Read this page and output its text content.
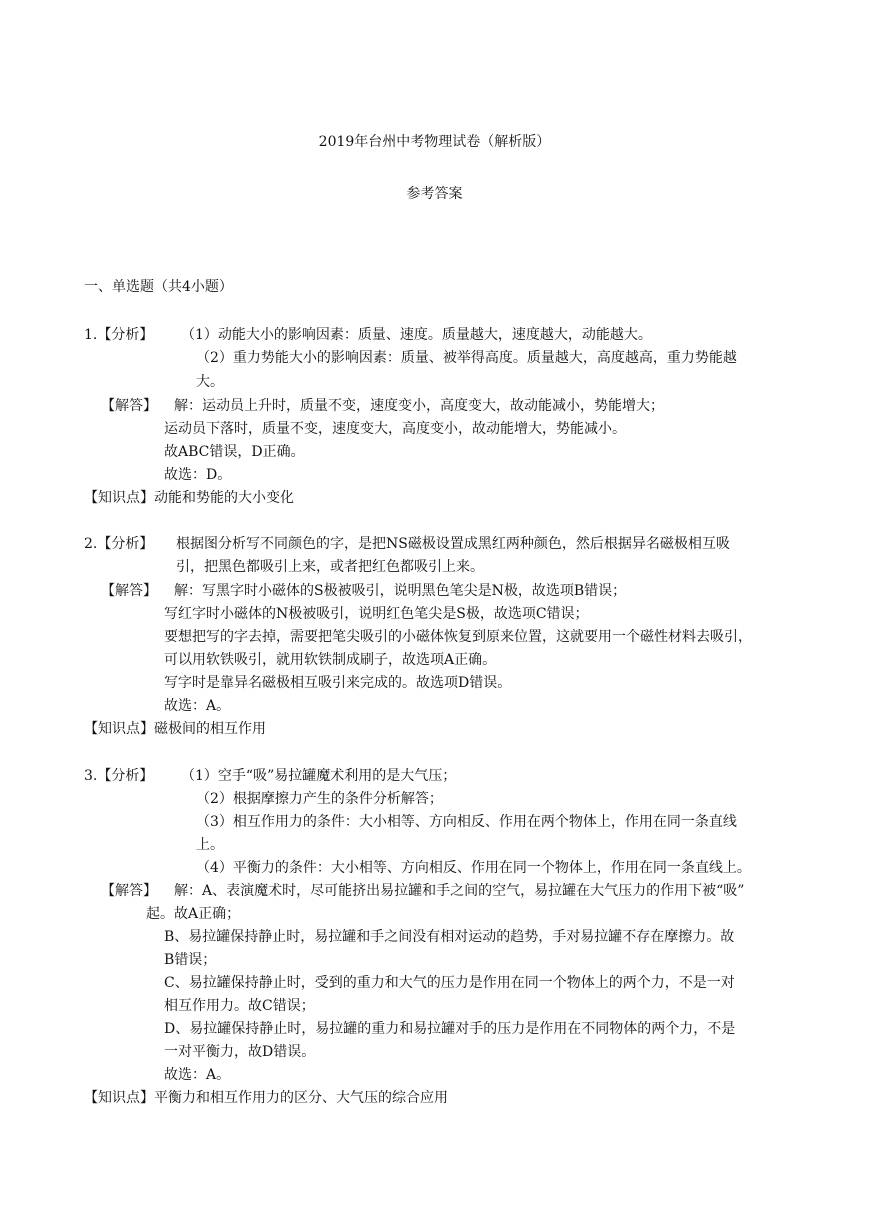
2019年台州中考物理试卷（解析版）
参考答案
一、单选题（共4小题）
1.【分析】 （1）动能大小的影响因素：质量、速度。质量越大，速度越大，动能越大。
（2）重力势能大小的影响因素：质量、被举得高度。质量越大，高度越高，重力势能越
大。
【解答】 解：运动员上升时，质量不变，速度变小，高度变大，故动能减小，势能增大；
运动员下落时，质量不变，速度变大，高度变小，故动能增大，势能减小。
故ABC错误，D正确。
故选：D。
【知识点】动能和势能的大小变化
2.【分析】 根据图分析写不同颜色的字，是把NS磁极设置成黑红两种颜色，然后根据异名磁极相互吸
引，把黑色都吸引上来，或者把红色都吸引上来。
【解答】 解：写黑字时小磁体的S极被吸引，说明黑色笔尖是N极，故选项B错误；
写红字时小磁体的N极被吸引，说明红色笔尖是S极，故选项C错误；
要想把写的字去掉，需要把笔尖吸引的小磁体恢复到原来位置，这就要用一个磁性材料去吸引，
可以用软铁吸引，就用软铁制成刷子，故选项A正确。
写字时是靠异名磁极相互吸引来完成的。故选项D错误。
故选：A。
【知识点】磁极间的相互作用
3.【分析】 （1）空手“吸”易拉罐魔术利用的是大气压；
（2）根据摩擦力产生的条件分析解答；
（3）相互作用力的条件：大小相等、方向相反、作用在两个物体上，作用在同一条直线
上。
（4）平衡力的条件：大小相等、方向相反、作用在同一个物体上，作用在同一条直线上。
【解答】 解：A、表演魔术时，尽可能挤出易拉罐和手之间的空气，易拉罐在大气压力的作用下被“吸”
起。故A正确；
B、易拉罐保持静止时，易拉罐和手之间没有相对运动的趋势，手对易拉罐不存在摩擦力。故
B错误；
C、易拉罐保持静止时，受到的重力和大气的压力是作用在同一个物体上的两个力，不是一对
相互作用力。故C错误；
D、易拉罐保持静止时，易拉罐的重力和易拉罐对手的压力是作用在不同物体的两个力，不是
一对平衡力，故D错误。
故选：A。
【知识点】平衡力和相互作用力的区分、大气压的综合应用
